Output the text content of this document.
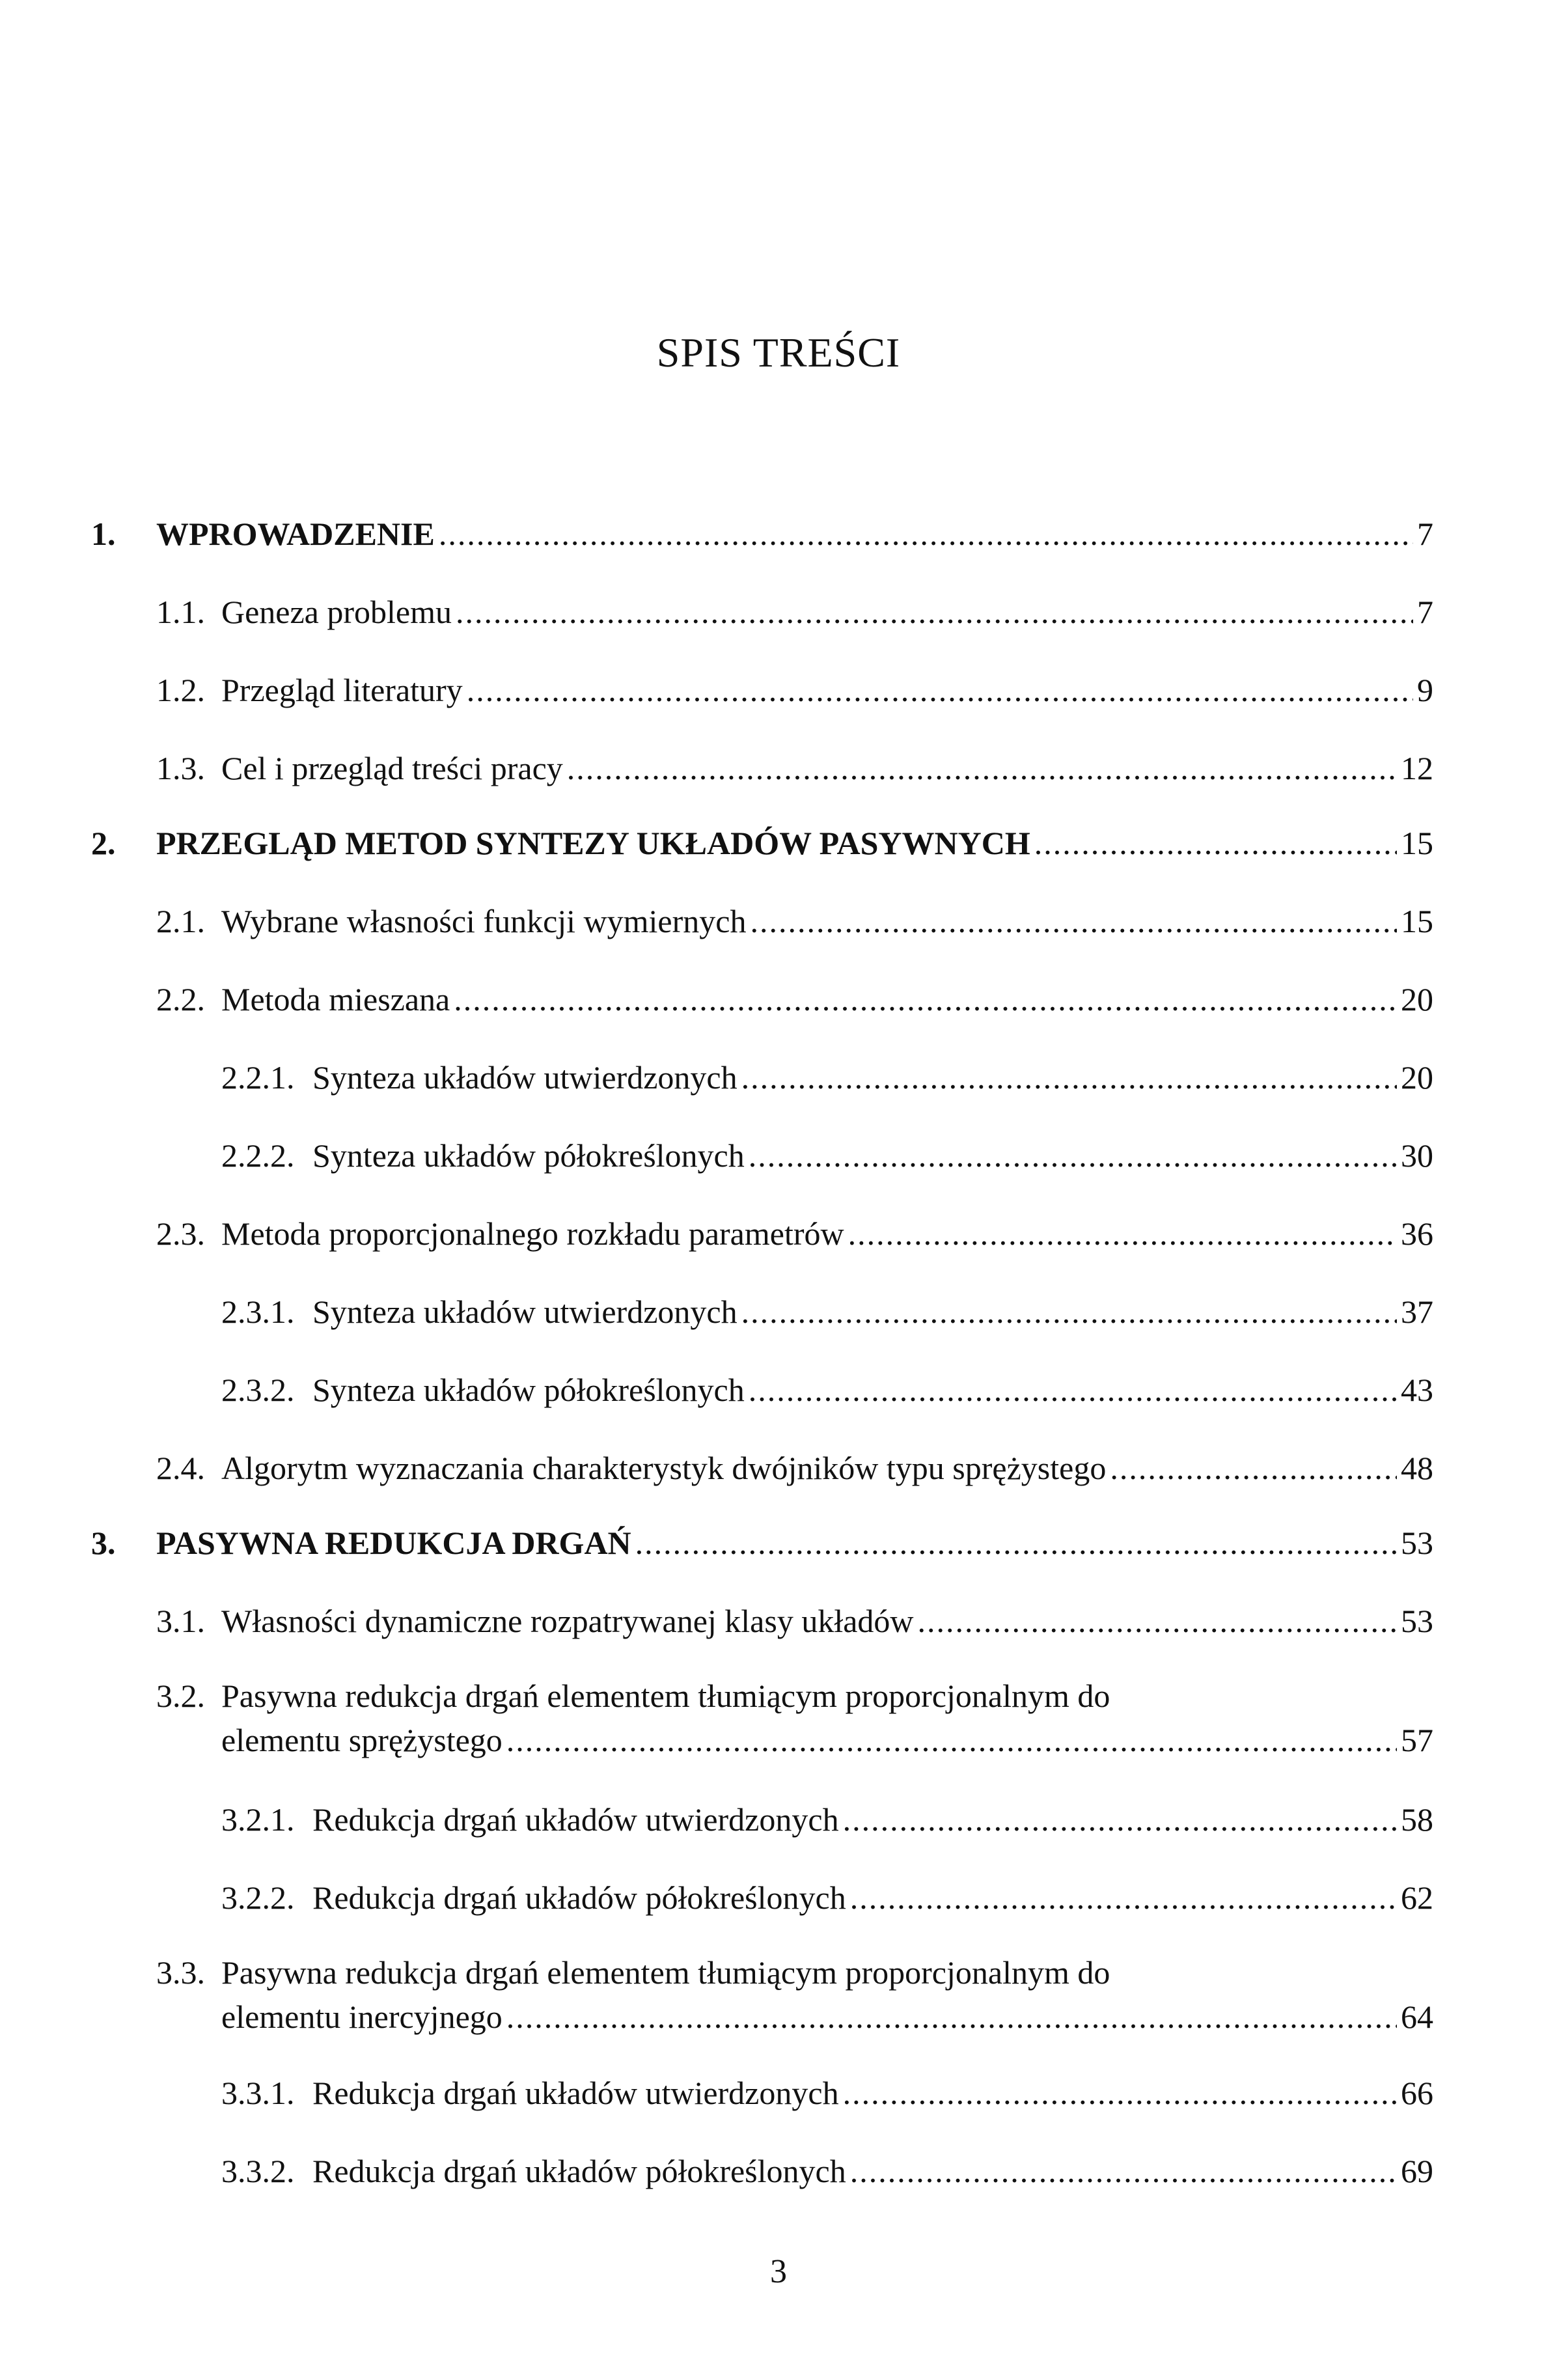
SPIS TREŚCI
1. WPROWADZENIE .....	7
1.1. Geneza problemu .....	7
1.2. Przegląd literatury .....	9
1.3. Cel i przegląd treści pracy .....	12
2. PRZEGLĄD METOD SYNTEZY UKŁADÓW PASYWNYCH .....	15
2.1. Wybrane własności funkcji wymiernych .....	15
2.2. Metoda mieszana .....	20
2.2.1. Synteza układów utwierdzonych .....	20
2.2.2. Synteza układów półokreślonych .....	30
2.3. Metoda proporcjonalnego rozkładu parametrów .....	36
2.3.1. Synteza układów utwierdzonych .....	37
2.3.2. Synteza układów półokreślonych .....	43
2.4. Algorytm wyznaczania charakterystyk dwójników typu sprężystego .....	48
3. PASYWNA REDUKCJA DRGAŃ .....	53
3.1. Własności dynamiczne rozpatrywanej klasy układów .....	53
3.2. Pasywna redukcja drgań elementem tłumiącym proporcjonalnym do
elementu sprężystego .....	57
3.2.1. Redukcja drgań układów utwierdzonych .....	58
3.2.2. Redukcja drgań układów półokreślonych .....	62
3.3. Pasywna redukcja drgań elementem tłumiącym proporcjonalnym do
elementu inercyjnego .....	64
3.3.1. Redukcja drgań układów utwierdzonych .....	66
3.3.2. Redukcja drgań układów półokreślonych .....	69
3
